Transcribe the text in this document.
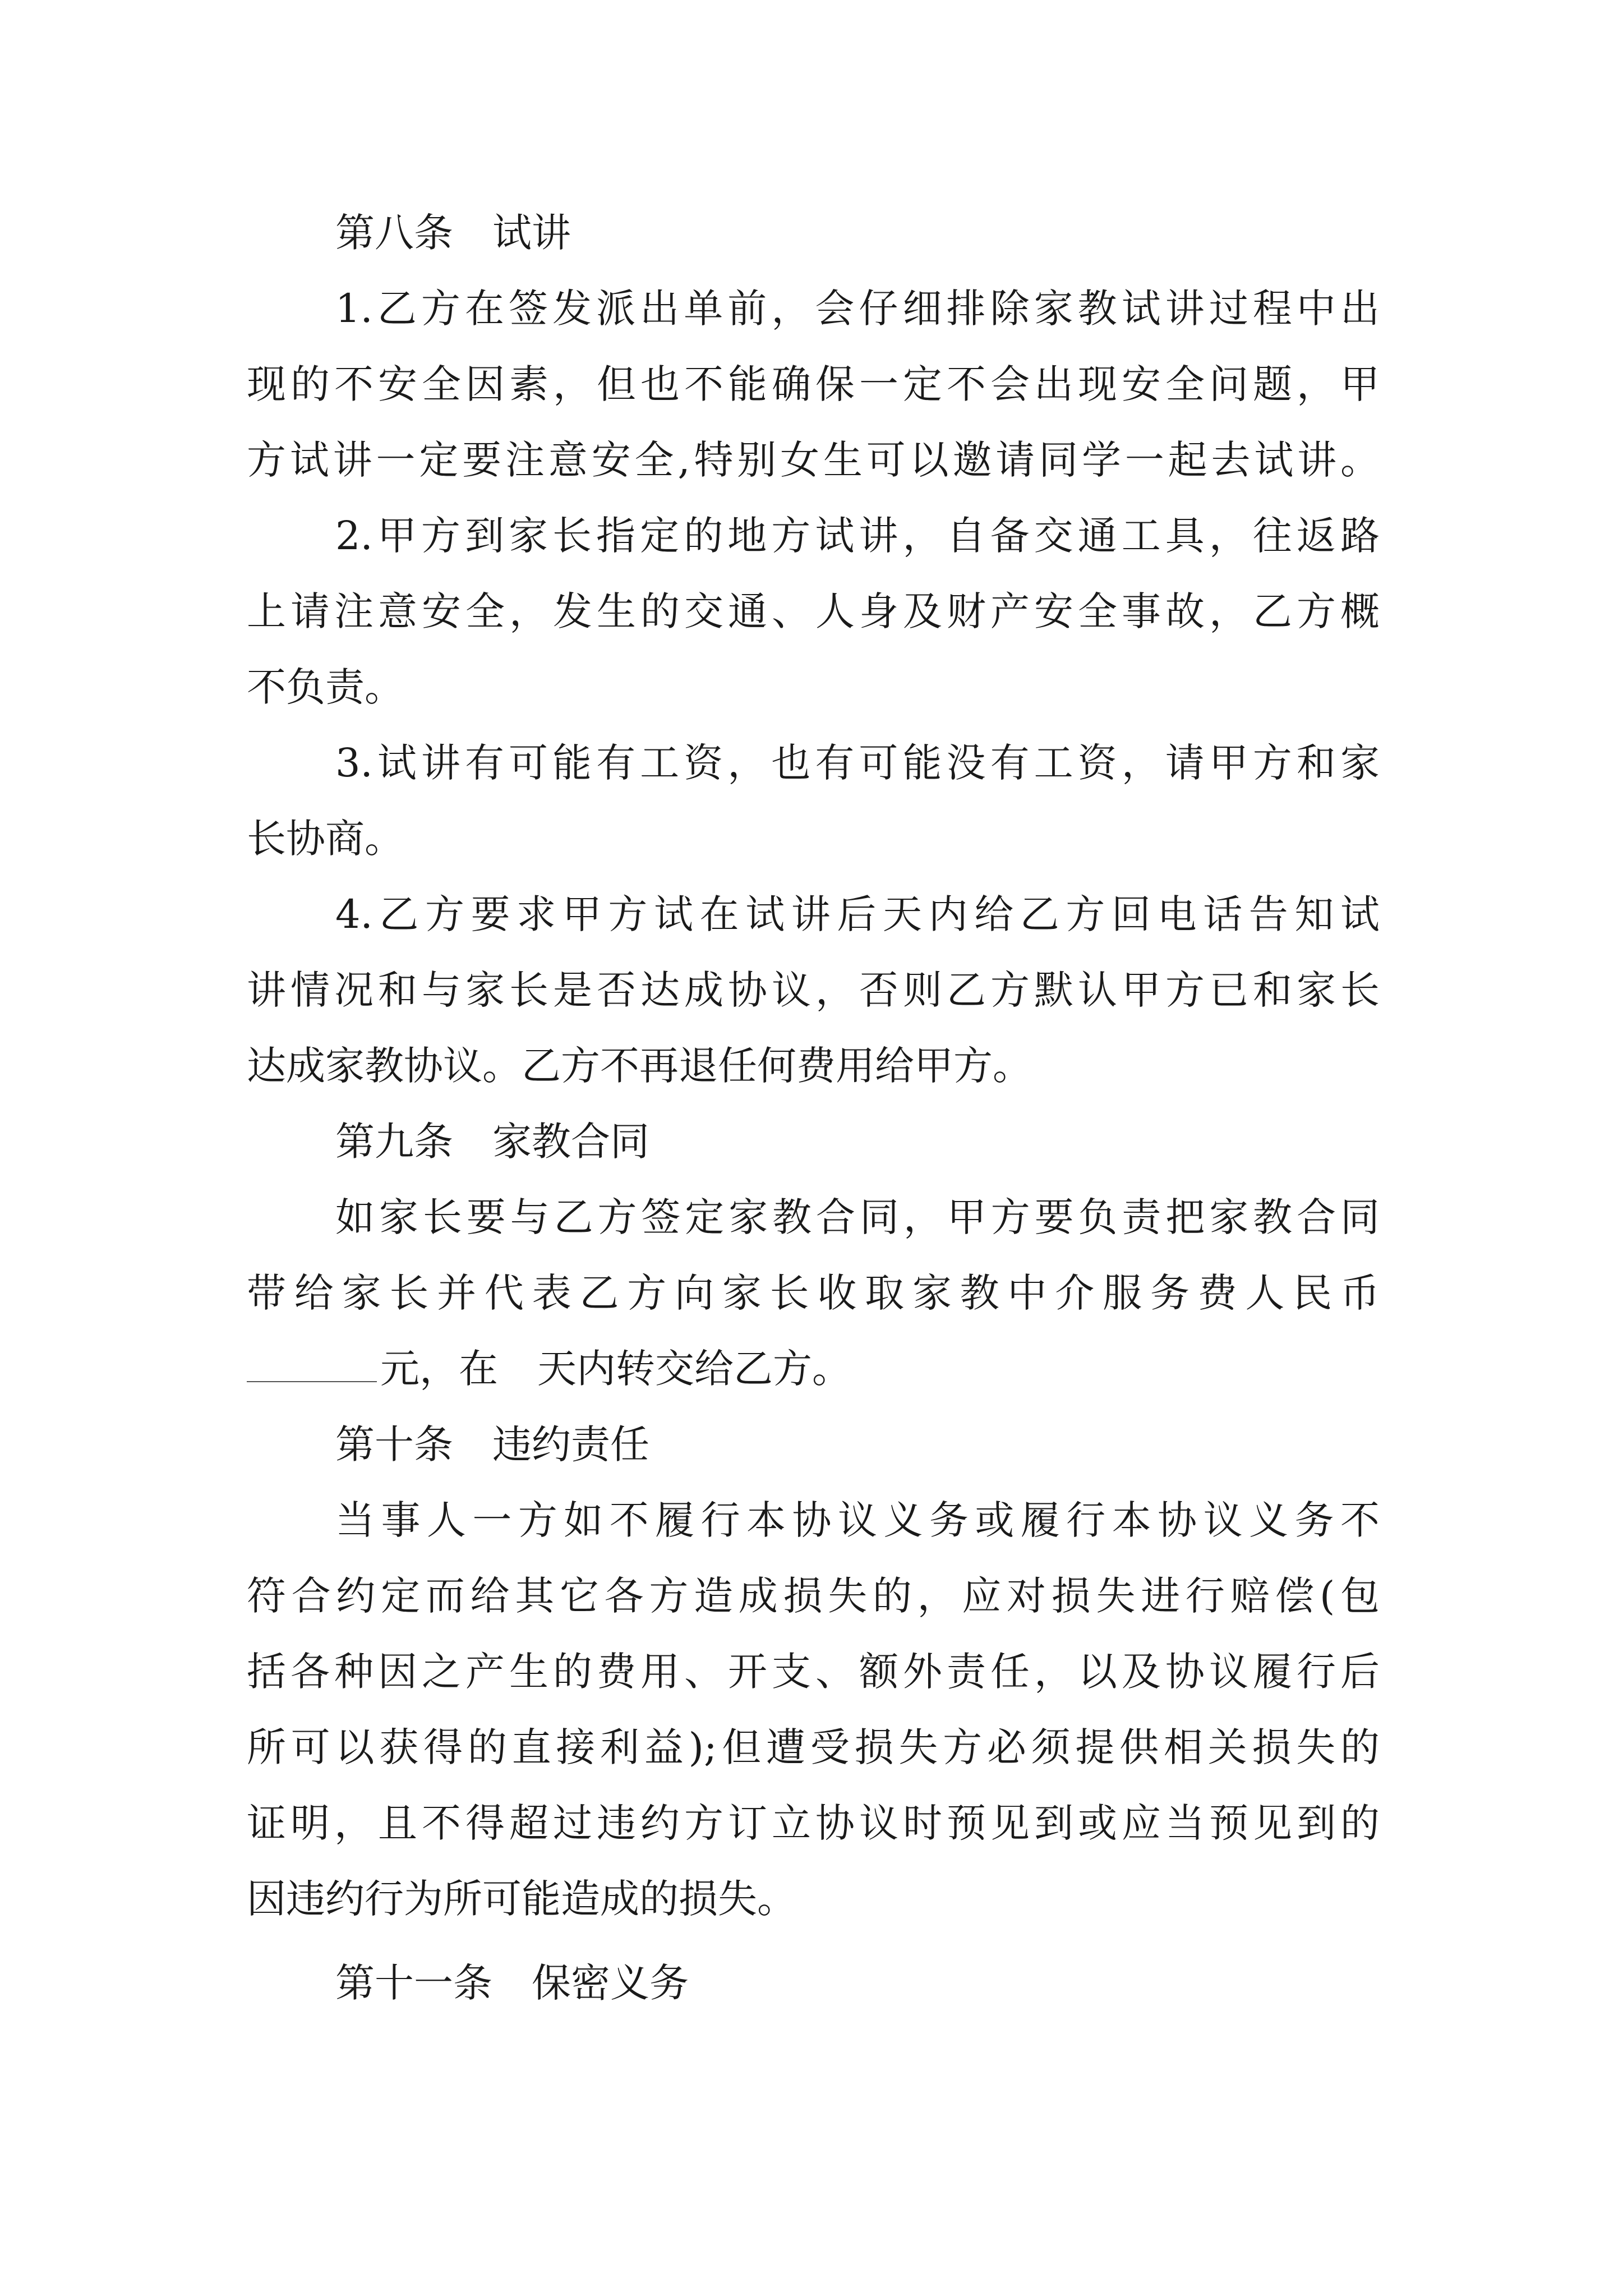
第八条　试讲
1.乙方在签发派出单前，会仔细排除家教试讲过程中出
现的不安全因素，但也不能确保一定不会出现安全问题，甲
方试讲一定要注意安全,特别女生可以邀请同学一起去试讲。
2.甲方到家长指定的地方试讲，自备交通工具，往返路
上请注意安全，发生的交通、人身及财产安全事故，乙方概
不负责。
3.试讲有可能有工资，也有可能没有工资，请甲方和家
长协商。
4.乙方要求甲方试在试讲后天内给乙方回电话告知试
讲情况和与家长是否达成协议，否则乙方默认甲方已和家长
达成家教协议。乙方不再退任何费用给甲方。
第九条　家教合同
如家长要与乙方签定家教合同，甲方要负责把家教合同
带给家长并代表乙方向家长收取家教中介服务费人民币
元，在 天内转交给乙方。
第十条　违约责任
当事人一方如不履行本协议义务或履行本协议义务不
符合约定而给其它各方造成损失的，应对损失进行赔偿(包
括各种因之产生的费用、开支、额外责任，以及协议履行后
所可以获得的直接利益);但遭受损失方必须提供相关损失的
证明，且不得超过违约方订立协议时预见到或应当预见到的
因违约行为所可能造成的损失。
第十一条　保密义务
